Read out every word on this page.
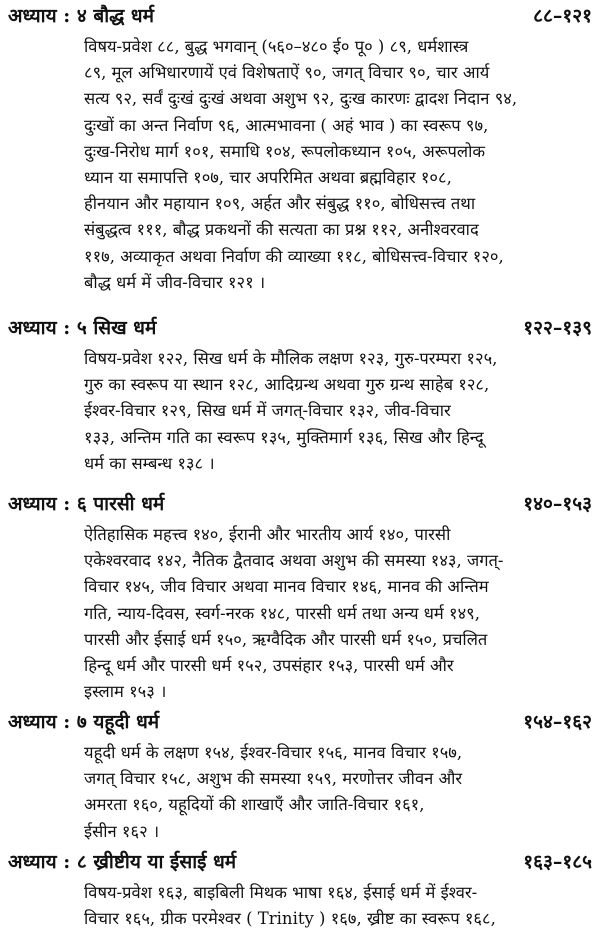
अध्याय : ४ बौद्ध धर्म	८८–१२१
विषय-प्रवेश ८८, बुद्ध भगवान् (५६०–४८० ई० पू० ) ८९, धर्मशास्त्र
८९, मूल अभिधारणायें एवं विशेषताऐं ९०, जगत् विचार ९०, चार आर्य
सत्य ९२, सर्वं दुःखं दुःखं अथवा अशुभ ९२, दुःख कारणः द्वादश निदान ९४,
दुःखों का अन्त निर्वाण ९६, आत्मभावना ( अहं भाव ) का स्वरूप ९७,
दुःख-निरोध मार्ग १०१, समाधि १०४, रूपलोकध्यान १०५, अरूपलोक
ध्यान या समापत्ति १०७, चार अपरिमित अथवा ब्रह्मविहार १०८,
हीनयान और महायान १०९, अर्हत और संबुद्ध ११०, बोधिसत्त्व तथा
संबुद्धत्व १११, बौद्ध प्रकथनों की सत्यता का प्रश्न ११२, अनीश्वरवाद
११७, अव्याकृत अथवा निर्वाण की व्याख्या ११८, बोधिसत्त्व-विचार १२०,
बौद्ध धर्म में जीव-विचार १२१ ।
अध्याय : ५ सिख धर्म	१२२–१३९
विषय-प्रवेश १२२, सिख धर्म के मौलिक लक्षण १२३, गुरु-परम्परा १२५,
गुरु का स्वरूप या स्थान १२८, आदिग्रन्थ अथवा गुरु ग्रन्थ साहेब १२८,
ईश्वर-विचार १२९, सिख धर्म में जगत्-विचार १३२, जीव-विचार
१३३, अन्तिम गति का स्वरूप १३५, मुक्तिमार्ग १३६, सिख और हिन्दू
धर्म का सम्बन्ध १३८ ।
अध्याय : ६ पारसी धर्म	१४०–१५३
ऐतिहासिक महत्त्व १४०, ईरानी और भारतीय आर्य १४०, पारसी
एकेश्वरवाद १४२, नैतिक द्वैतवाद अथवा अशुभ की समस्या १४३, जगत्-
विचार १४५, जीव विचार अथवा मानव विचार १४६, मानव की अन्तिम
गति, न्याय-दिवस, स्वर्ग-नरक १४८, पारसी धर्म तथा अन्य धर्म १४९,
पारसी और ईसाई धर्म १५०, ऋग्वैदिक और पारसी धर्म १५०, प्रचलित
हिन्दू धर्म और पारसी धर्म १५२, उपसंहार १५३, पारसी धर्म और
इस्लाम १५३ ।
अध्याय : ७ यहूदी धर्म	१५४–१६२
यहूदी धर्म के लक्षण १५४, ईश्वर-विचार १५६, मानव विचार १५७,
जगत् विचार १५८, अशुभ की समस्या १५९, मरणोत्तर जीवन और
अमरता १६०, यहूदियों की शाखाएँ और जाति-विचार १६१,
ईसीन १६२ ।
अध्याय : ८ ख्रीष्टीय या ईसाई धर्म	१६३–१८५
विषय-प्रवेश १६३, बाइबिली मिथक भाषा १६४, ईसाई धर्म में ईश्वर-
विचार १६५, ग्रीक परमेश्वर ( Trinity ) १६७, ख्रीष्ट का स्वरूप १६८,
